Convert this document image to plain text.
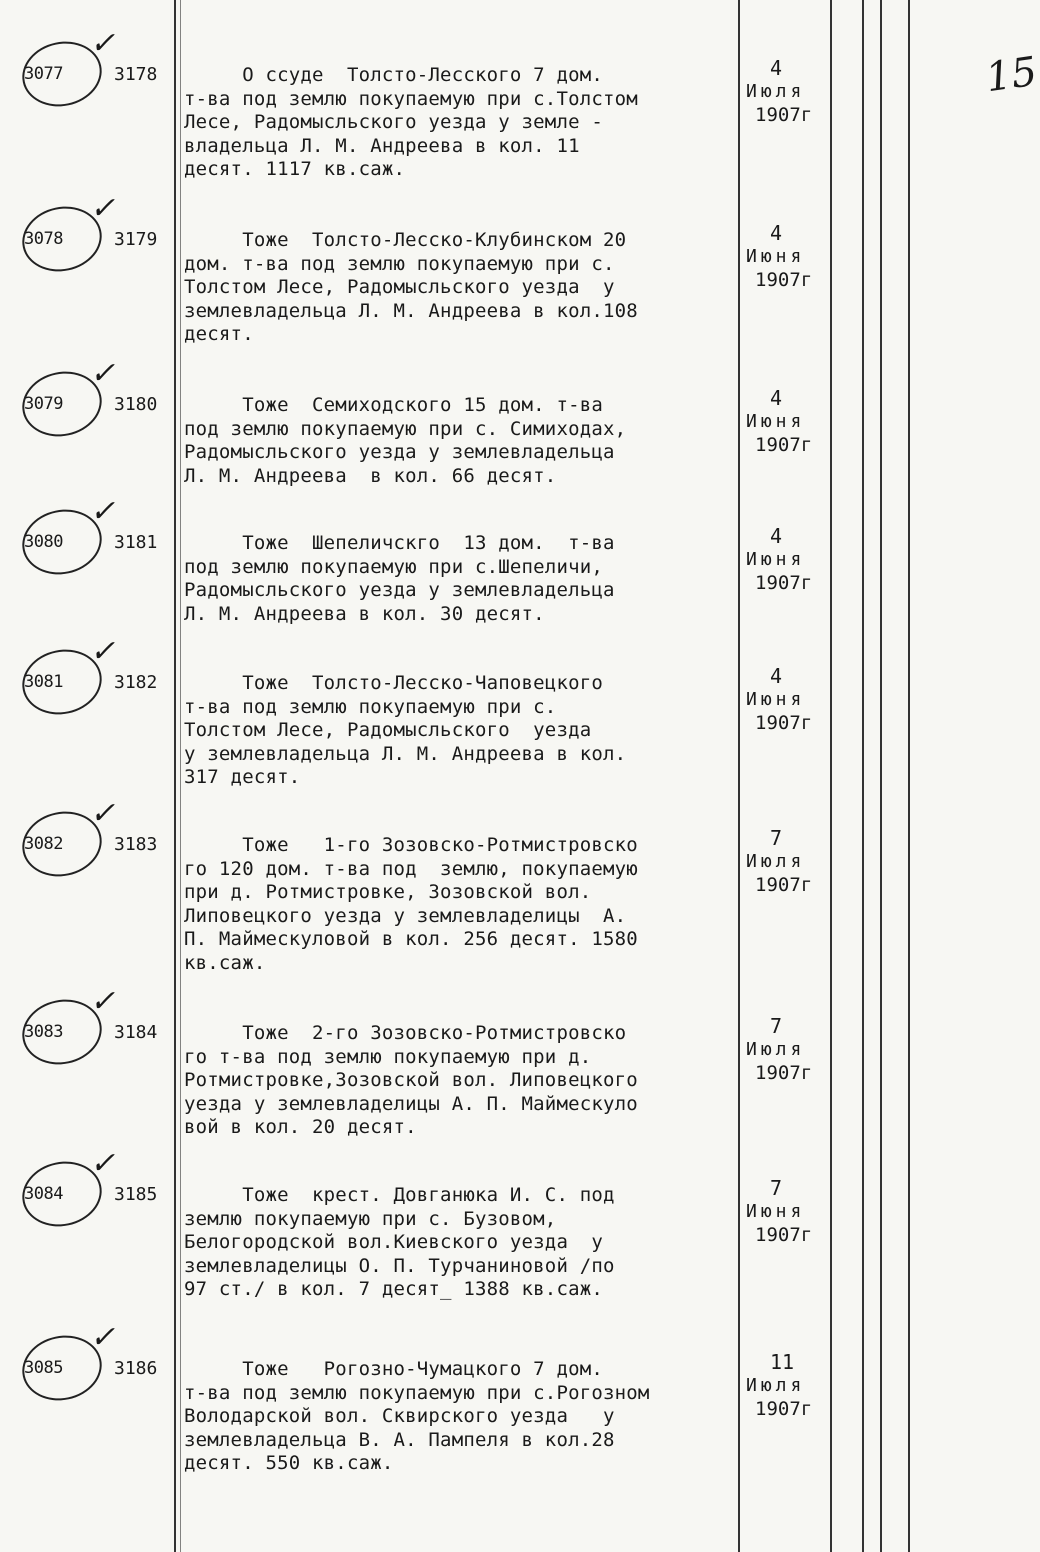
15
3077
✓
3178	О ссуде  Толсто-Лесского 7 дом.
т-ва под землю покупаемую при с.Толстом
Лесе, Радомысльского уезда у земле -
владельца Л. М. Андреева в кол. 11
десят. 1117 кв.саж.
4
Июля
1907г
3078
✓
3179	Тоже  Толсто-Лесско-Клубинском 20
дом. т-ва под землю покупаемую при с.
Толстом Лесе, Радомысльского уезда  у
землевладельца Л. М. Андреева в кол.108
десят.
4
Июня
1907г
3079
✓
3180	Тоже  Семиходского 15 дом. т-ва
под землю покупаемую при с. Симиходах,
Радомысльского уезда у землевладельца
Л. М. Андреева  в кол. 66 десят.
4
Июня
1907г
3080
✓
3181	Тоже  Шепеличскго  13 дом.  т-ва
под землю покупаемую при с.Шепеличи,
Радомысльского уезда у землевладельца
Л. М. Андреева в кол. 30 десят.
4
Июня
1907г
3081
✓
3182	Тоже  Толсто-Лесско-Чаповецкого
т-ва под землю покупаемую при с.
Толстом Лесе, Радомысльского  уезда
у землевладельца Л. М. Андреева в кол.
317 десят.
4
Июня
1907г
3082
✓
3183	Тоже   1-го Зозовско-Ротмистровско
го 120 дом. т-ва под  землю, покупаемую
при д. Ротмистровке, Зозовской вол.
Липовецкого уезда у землевладелицы  А.
П. Маймескуловой в кол. 256 десят. 1580
кв.саж.
7
Июля
1907г
3083
✓
3184	Тоже  2-го Зозовско-Ротмистровско
го т-ва под землю покупаемую при д.
Ротмистровке,Зозовской вол. Липовецкого
уезда у землевладелицы А. П. Маймескуло
вой в кол. 20 десят.
7
Июля
1907г
3084
✓
3185	Тоже  крест. Довганюка И. С. под
землю покупаемую при с. Бузовом,
Белогородской вол.Киевского уезда  у
землевладелицы О. П. Турчаниновой /по
97 ст./ в кол. 7 десят_ 1388 кв.саж.
7
Июня
1907г
3085
✓
3186	Тоже   Рогозно-Чумацкого 7 дом.
т-ва под землю покупаемую при с.Рогозном
Володарской вол. Сквирского уезда   у
землевладельца В. А. Пампеля в кол.28
десят. 550 кв.саж.
11
Июля
1907г
